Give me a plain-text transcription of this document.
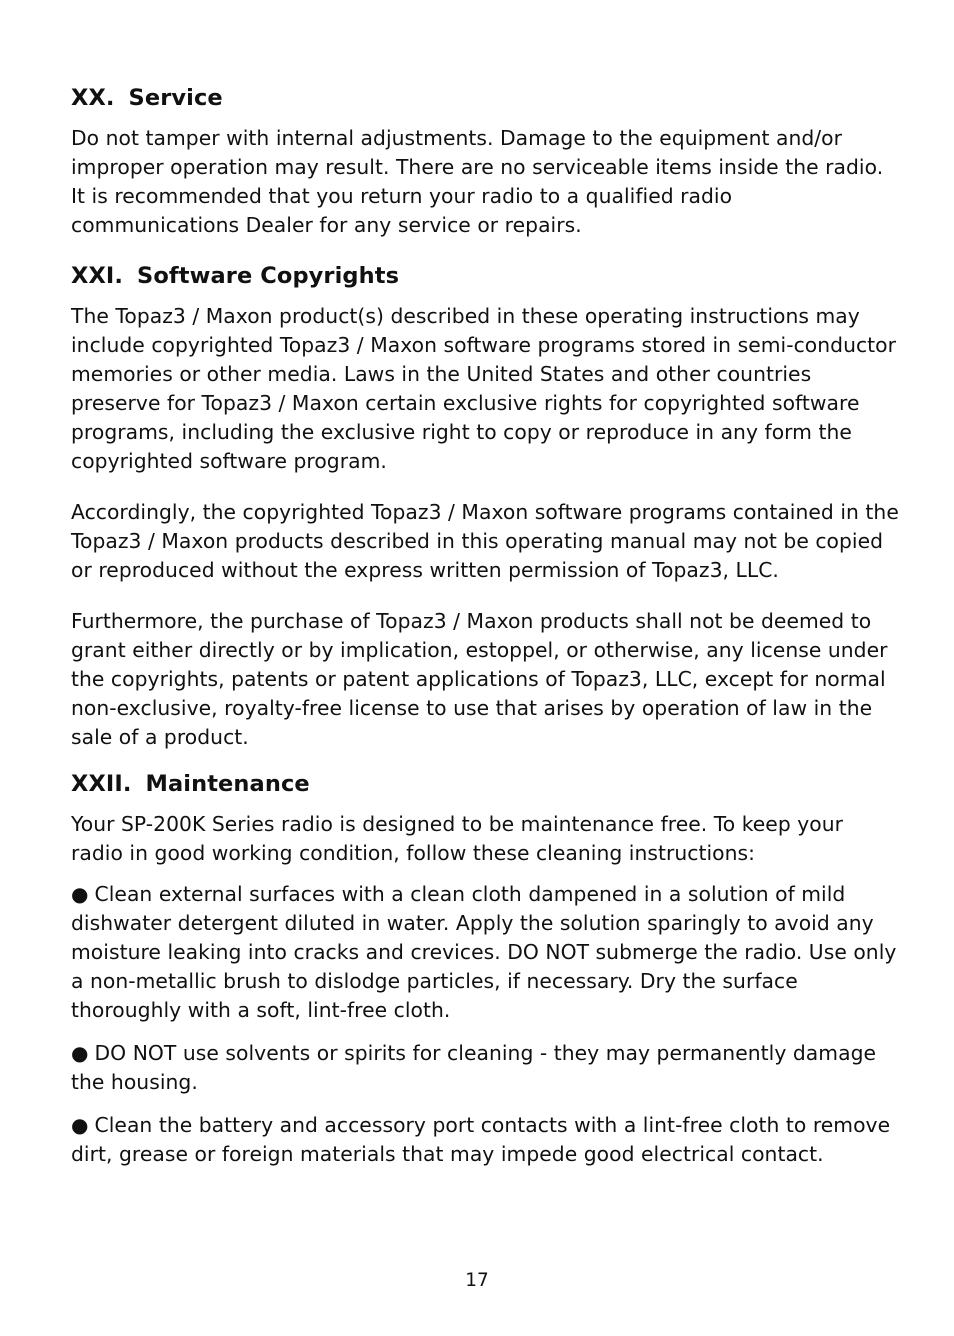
XX. Service

Do not tamper with internal adjustments. Damage to the equipment and/or improper operation may result. There are no serviceable items inside the radio. It is recommended that you return your radio to a qualified radio communications Dealer for any service or repairs.

XXI. Software Copyrights

The Topaz3 / Maxon product(s) described in these operating instructions may include copyrighted Topaz3 / Maxon software programs stored in semi-conductor memories or other media. Laws in the United States and other countries preserve for Topaz3 / Maxon certain exclusive rights for copyrighted software programs, including the exclusive right to copy or reproduce in any form the copyrighted software program.

Accordingly, the copyrighted Topaz3 / Maxon software programs contained in the Topaz3 / Maxon products described in this operating manual may not be copied or reproduced without the express written permission of Topaz3, LLC.

Furthermore, the purchase of Topaz3 / Maxon products shall not be deemed to grant either directly or by implication, estoppel, or otherwise, any license under the copyrights, patents or patent applications of Topaz3, LLC, except for normal non-exclusive, royalty-free license to use that arises by operation of law in the sale of a product.

XXII. Maintenance

Your SP-200K Series radio is designed to be maintenance free. To keep your radio in good working condition, follow these cleaning instructions:

● Clean external surfaces with a clean cloth dampened in a solution of mild dishwater detergent diluted in water. Apply the solution sparingly to avoid any moisture leaking into cracks and crevices. DO NOT submerge the radio. Use only a non-metallic brush to dislodge particles, if necessary. Dry the surface thoroughly with a soft, lint-free cloth.

● DO NOT use solvents or spirits for cleaning - they may permanently damage the housing.

● Clean the battery and accessory port contacts with a lint-free cloth to remove dirt, grease or foreign materials that may impede good electrical contact.

17
